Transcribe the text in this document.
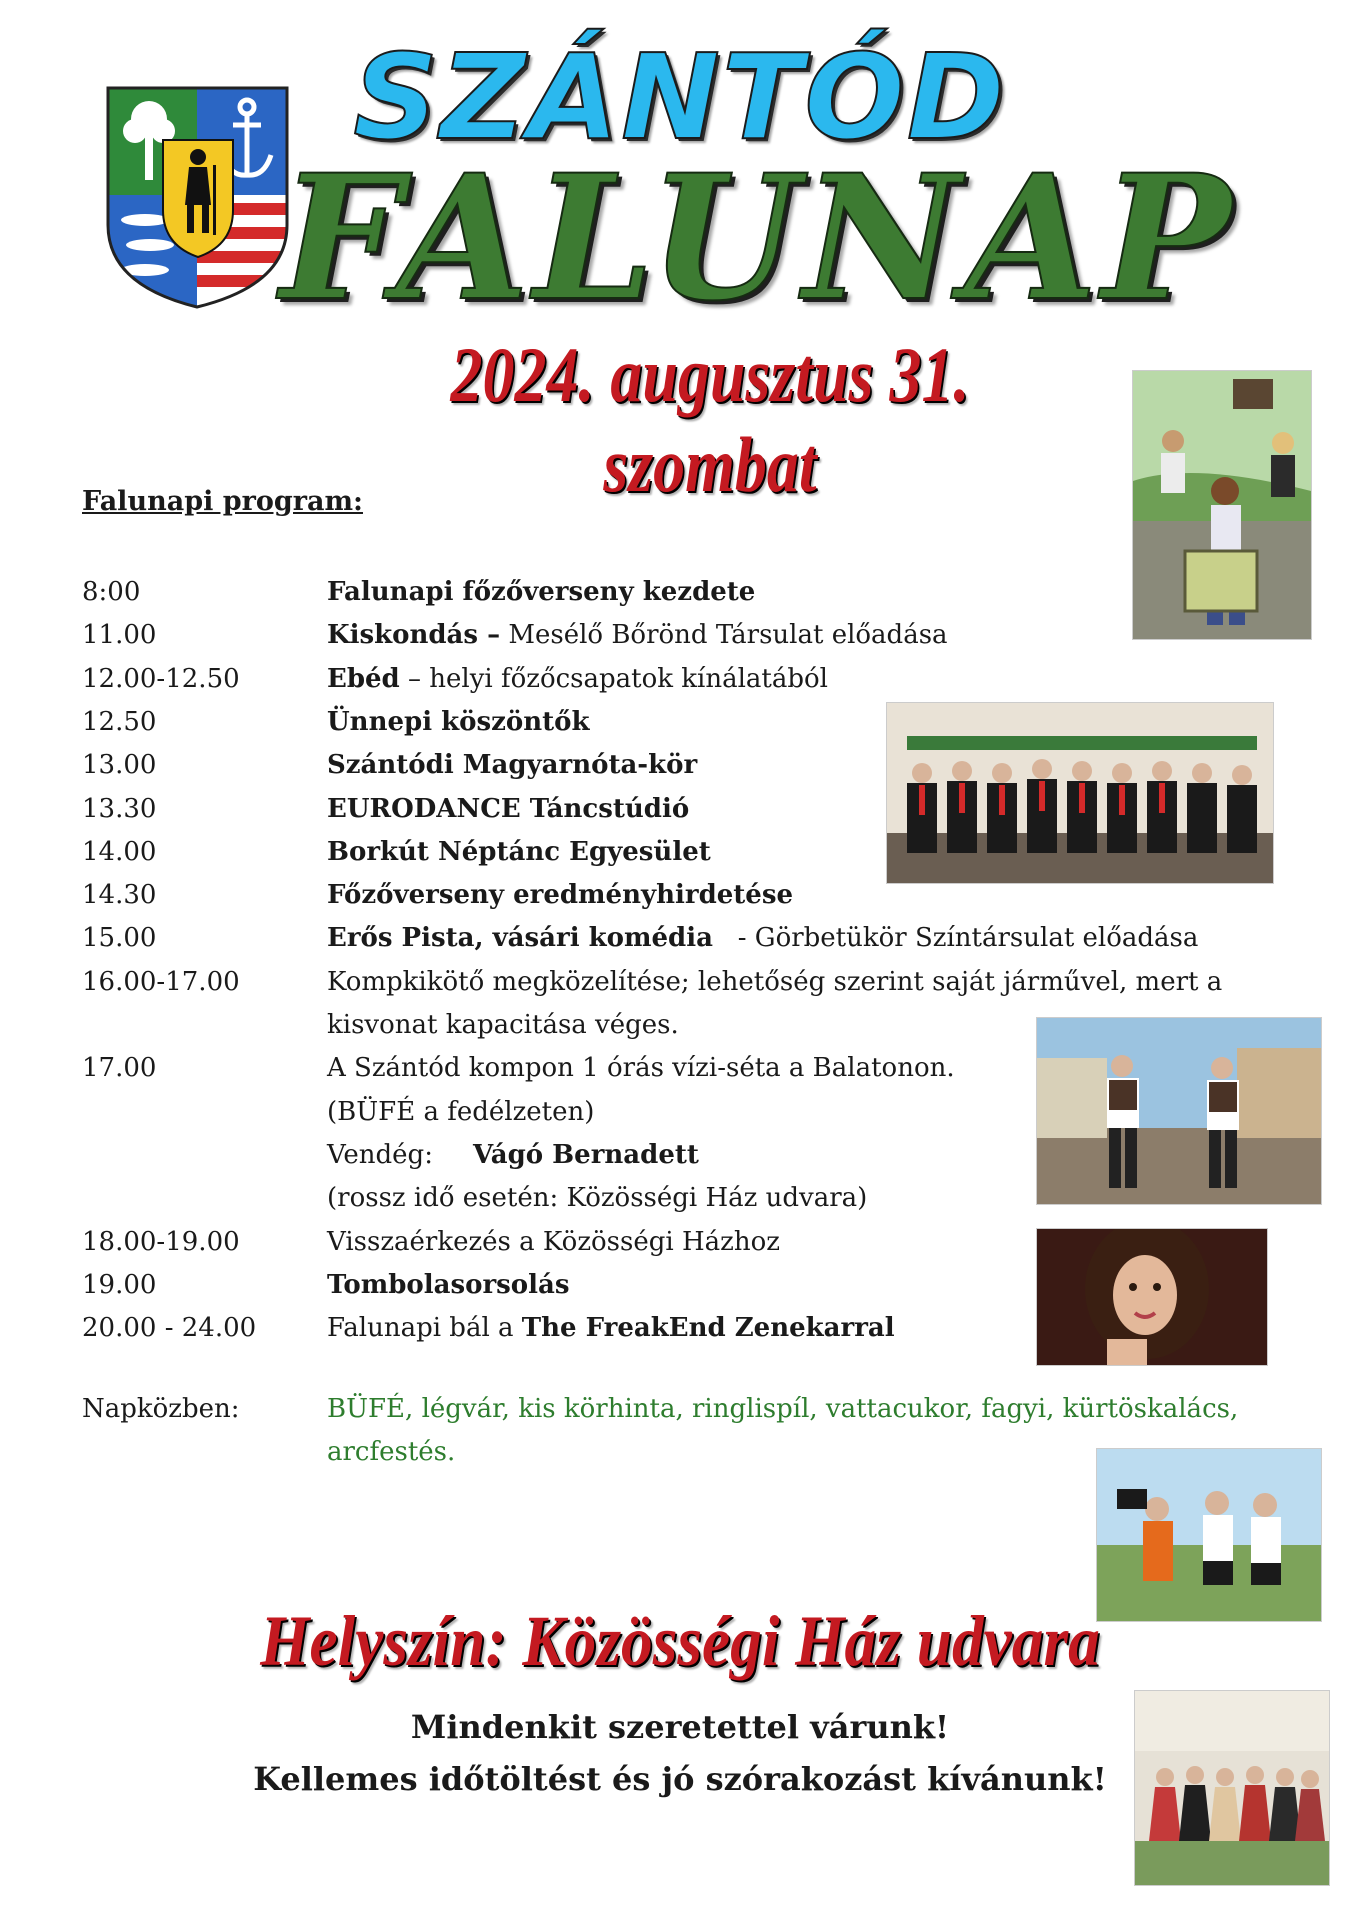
SZÁNTÓD
FALUNAP
2024. augusztus 31. szombat
Falunapi program:
8:00	Falunapi főzőverseny kezdete
11.00	Kiskondás – Mesélő Bőrönd Társulat előadása
12.00-12.50	Ebéd – helyi főzőcsapatok kínálatából
12.50	Ünnepi köszöntők
13.00	Szántódi Magyarnóta-kör
13.30	EURODANCE Táncstúdió
14.00	Borkút Néptánc Egyesület
14.30	Főzőverseny eredményhirdetése
15.00	Erős Pista, vásári komédia   - Görbetükör Színtársulat előadása
16.00-17.00	Kompkikötő megközelítése; lehetőség szerint saját járművel, mert a
kisvonat kapacitása véges.
17.00	A Szántód kompon 1 órás vízi-séta a Balatonon.
(BÜFÉ a fedélzeten)
Vendég: Vágó Bernadett
(rossz idő esetén: Közösségi Ház udvara)
18.00-19.00	Visszaérkezés a Közösségi Házhoz
19.00	Tombolasorsolás
20.00 - 24.00	Falunapi bál a The FreakEnd Zenekarral
Napközben:	BÜFÉ, légvár, kis körhinta, ringlispíl, vattacukor, fagyi, kürtöskalács,
arcfestés.
Helyszín: Közösségi Ház udvara
Mindenkit szeretettel várunk!
Kellemes időtöltést és jó szórakozást kívánunk!
